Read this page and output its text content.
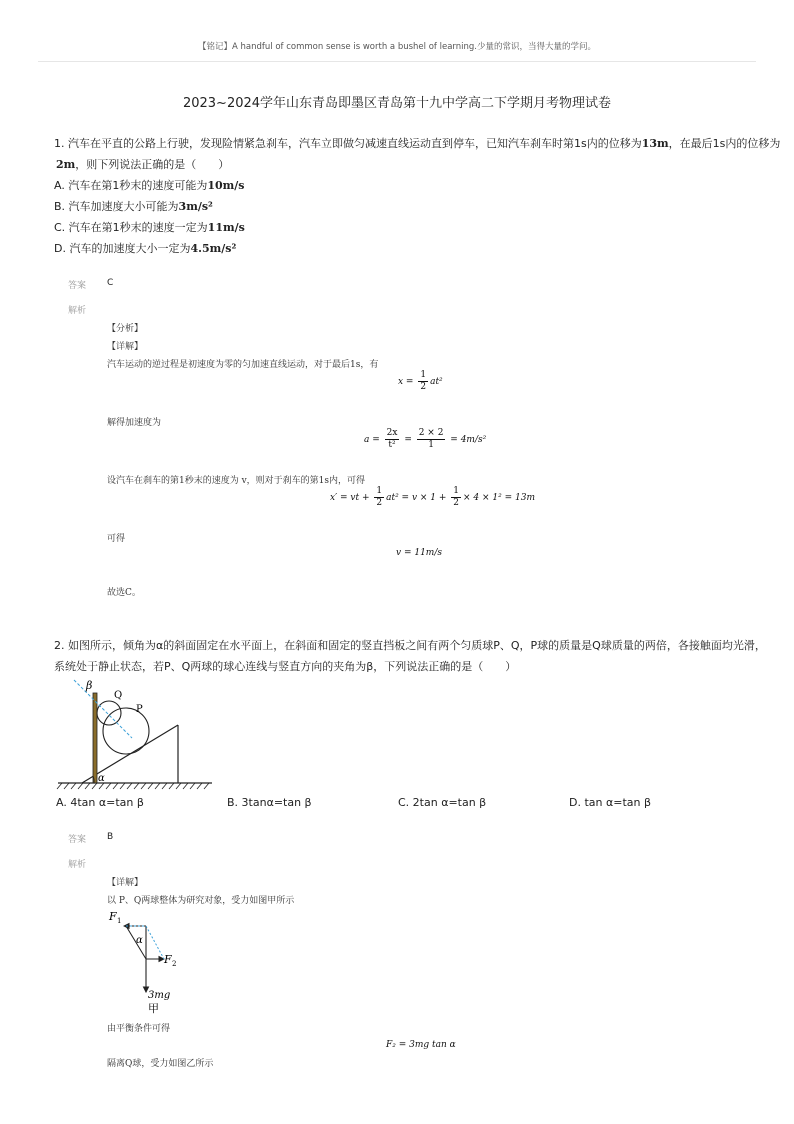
【铭记】A handful of common sense is worth a bushel of learning.少量的常识，当得大量的学问。
2023~2024学年山东青岛即墨区青岛第十九中学高二下学期月考物理试卷
1. 汽车在平直的公路上行驶，发现险情紧急刹车，汽车立即做匀减速直线运动直到停车，已知汽车刹车时第1s内的位移为13m，在最后1s内的位移为
2m，则下列说法正确的是（　　）
A. 汽车在第1秒末的速度可能为10m/s
B. 汽车加速度大小可能为3m/s²
C. 汽车在第1秒末的速度一定为11m/s
D. 汽车的加速度大小一定为4.5m/s²
答案 C
解析
【分析】
【详解】
汽车运动的逆过程是初速度为零的匀加速直线运动，对于最后1s，有
$x = \frac{1}{2} at^2$
解得加速度为
$a = \frac{2x}{\text{t²}} = \frac{2 \times 2}{1} = 4m/s^2$
设汽车在刹车的第1秒末的速度为 v，则对于刹车的第1s内，可得
x′ = vt + $\frac{1}{2} at^2 = v \times 1 + \frac{1}{2} \times 4 \times 1^2 = 13m$
可得
v = 11m/s
故选C。
2. 如图所示，倾角为α的斜面固定在水平面上，在斜面和固定的竖直挡板之间有两个匀质球P、Q，P球的质量是Q球质量的两倍，各接触面均光滑，
系统处于静止状态，若P、Q两球的球心连线与竖直方向的夹角为β，下列说法正确的是（　　）
β
Q
P
α
A. 4tan α=tan β	B. 3tanα=tan β	C. 2tan α=tan β	D. tan α=tan β
答案 B
解析
【详解】
以 P、Q两球整体为研究对象，受力如图甲所示
F 1
α
F 2
3mg
甲
由平衡条件可得
F₂ = 3mg tan α
隔离Q球，受力如图乙所示
